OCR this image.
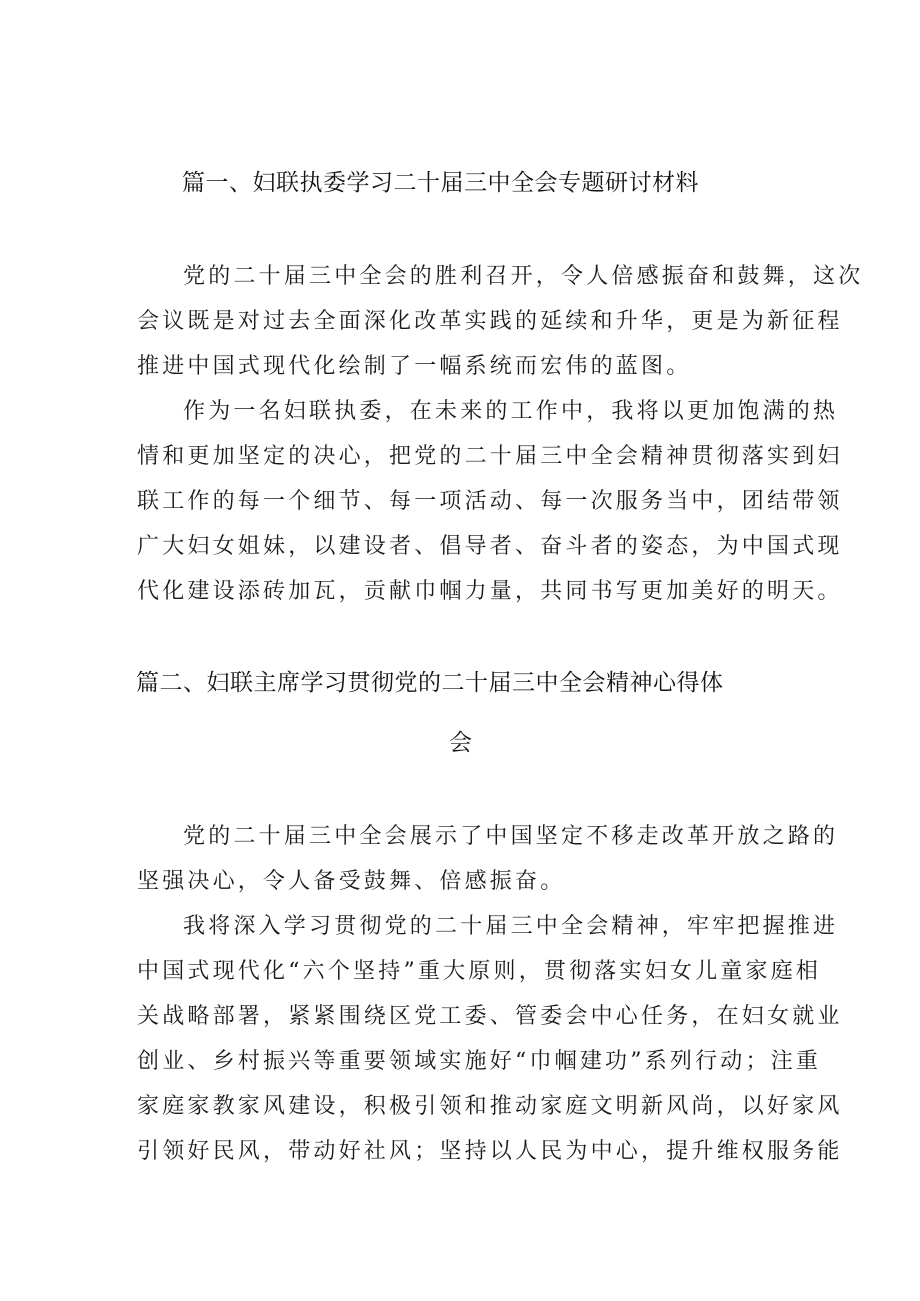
篇一、妇联执委学习二十届三中全会专题研讨材料
党的二十届三中全会的胜利召开，令人倍感振奋和鼓舞，这次
会议既是对过去全面深化改革实践的延续和升华，更是为新征程
推进中国式现代化绘制了一幅系统而宏伟的蓝图。
作为一名妇联执委，在未来的工作中，我将以更加饱满的热
情和更加坚定的决心，把党的二十届三中全会精神贯彻落实到妇
联工作的每一个细节、每一项活动、每一次服务当中，团结带领
广大妇女姐妹，以建设者、倡导者、奋斗者的姿态，为中国式现
代化建设添砖加瓦，贡献巾帼力量，共同书写更加美好的明天。
篇二、妇联主席学习贯彻党的二十届三中全会精神心得体
会
党的二十届三中全会展示了中国坚定不移走改革开放之路的
坚强决心，令人备受鼓舞、倍感振奋。
我将深入学习贯彻党的二十届三中全会精神，牢牢把握推进
中国式现代化“六个坚持”重大原则，贯彻落实妇女儿童家庭相
关战略部署，紧紧围绕区党工委、管委会中心任务，在妇女就业
创业、乡村振兴等重要领域实施好“巾帼建功”系列行动；注重
家庭家教家风建设，积极引领和推动家庭文明新风尚，以好家风
引领好民风，带动好社风；坚持以人民为中心，提升维权服务能
